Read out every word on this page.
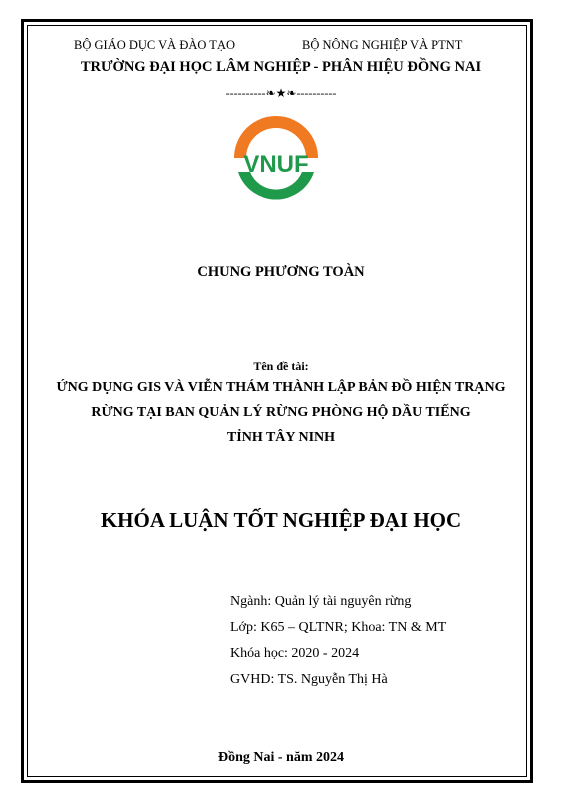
BỘ GIÁO DỤC VÀ ĐÀO TẠO	BỘ NÔNG NGHIỆP VÀ PTNT
TRƯỜNG ĐẠI HỌC LÂM NGHIỆP - PHÂN HIỆU ĐỒNG NAI
----------❧★❧----------
VNUF
CHUNG PHƯƠNG TOÀN
Tên đề tài:
ỨNG DỤNG GIS VÀ VIỄN THÁM THÀNH LẬP BẢN ĐỒ HIỆN TRẠNG
RỪNG TẠI BAN QUẢN LÝ RỪNG PHÒNG HỘ DẦU TIẾNG
TỈNH TÂY NINH
KHÓA LUẬN TỐT NGHIỆP ĐẠI HỌC
Ngành: Quản lý tài nguyên rừng
Lớp: K65 – QLTNR; Khoa: TN & MT
Khóa học: 2020 - 2024
GVHD: TS. Nguyễn Thị Hà
Đồng Nai - năm 2024
